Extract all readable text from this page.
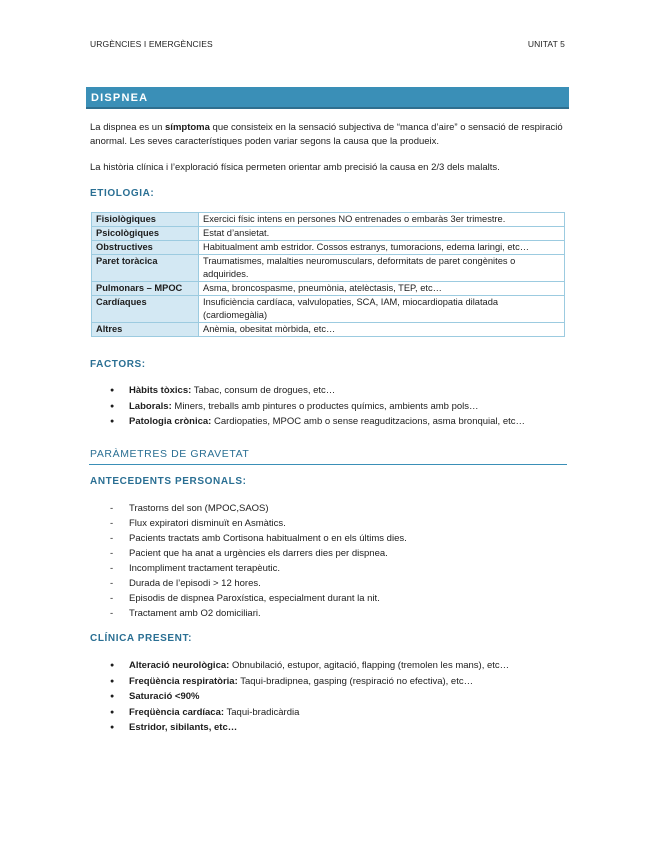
URGÈNCIES I EMERGÈNCIES	UNITAT 5
DISPNEA

La dispnea es un símptoma que consisteix en la sensació subjectiva de “manca d’aire” o sensació de respiració anormal. Les seves característiques poden variar segons la causa que la produeix.

La història clínica i l’exploració física permeten orientar amb precisió la causa en 2/3 dels malalts.

ETIOLOGIA:
Fisiològiques	Exercici físic intens en persones NO entrenades o embaràs 3er trimestre.
Psicològiques	Estat d’ansietat.
Obstructives	Habitualment amb estridor. Cossos estranys, tumoracions, edema laringi, etc…
Paret toràcica	Traumatismes, malalties neuromusculars, deformitats de paret congènites o adquirides.
Pulmonars – MPOC	Asma, broncospasme, pneumònia, atelèctasis, TEP, etc…
Cardíaques	Insuficiència cardíaca, valvulopaties, SCA, IAM, miocardiopatia dilatada (cardiomegàlia)
Altres	Anèmia, obesitat mòrbida, etc…
FACTORS:
● Hàbits tòxics: Tabac, consum de drogues, etc…
● Laborals: Miners, treballs amb pintures o productes químics, ambients amb pols…
● Patologia crònica: Cardiopaties, MPOC amb o sense reaguditzacions, asma bronquial, etc…
PARÀMETRES DE GRAVETAT
ANTECEDENTS PERSONALS:
- Trastorns del son (MPOC,SAOS)
- Flux expiratori disminuït en Asmàtics.
- Pacients tractats amb Cortisona habitualment o en els últims dies.
- Pacient que ha anat a urgències els darrers dies per dispnea.
- Incompliment tractament terapèutic.
- Durada de l’episodi > 12 hores.
- Episodis de dispnea Paroxística, especialment durant la nit.
- Tractament amb O2 domiciliari.
CLÍNICA PRESENT:
● Alteració neurològica: Obnubilació, estupor, agitació, flapping (tremolen les mans), etc…
● Freqüència respiratòria: Taqui-bradipnea, gasping (respiració no efectiva), etc…
● Saturació <90%
● Freqüència cardíaca: Taqui-bradicàrdia
● Estridor, sibilants, etc…
